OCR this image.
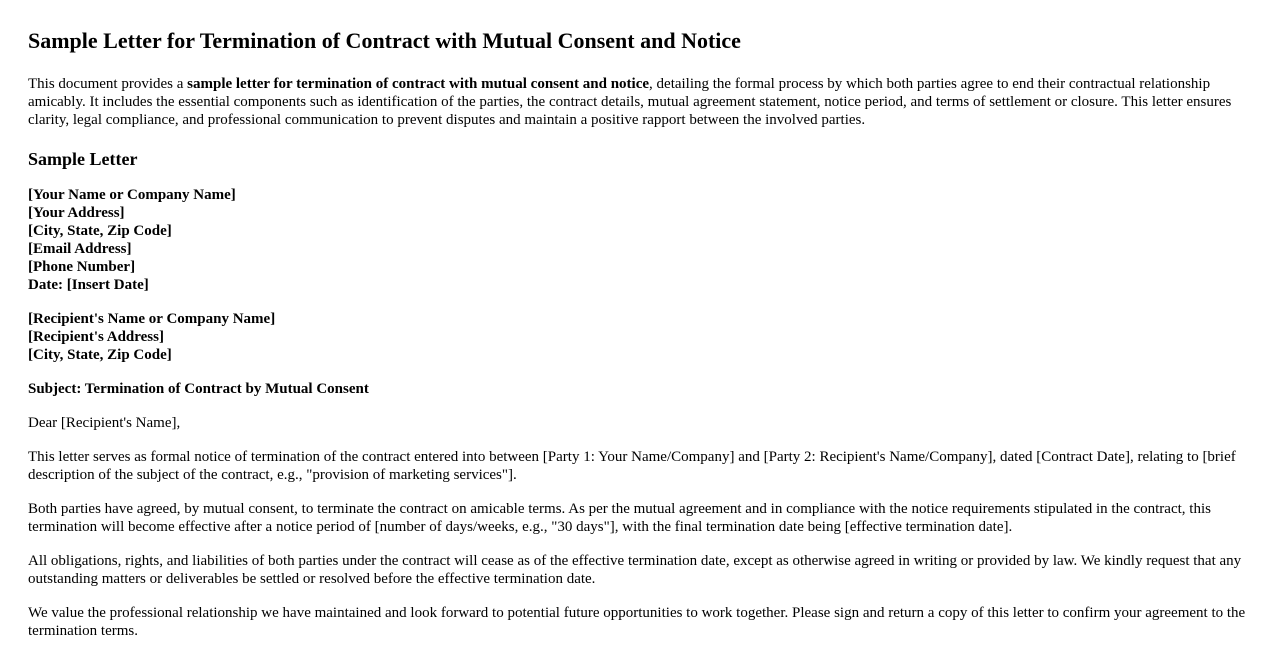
Sample Letter for Termination of Contract with Mutual Consent and Notice

This document provides a sample letter for termination of contract with mutual consent and notice, detailing the formal process by which both parties agree to end their contractual relationship amicably. It includes the essential components such as identification of the parties, the contract details, mutual agreement statement, notice period, and terms of settlement or closure. This letter ensures clarity, legal compliance, and professional communication to prevent disputes and maintain a positive rapport between the involved parties.

Sample Letter
[Your Name or Company Name]
[Your Address]
[City, State, Zip Code]
[Email Address]
[Phone Number]
Date: [Insert Date]
[Recipient's Name or Company Name]
[Recipient's Address]
[City, State, Zip Code]

Subject: Termination of Contract by Mutual Consent

Dear [Recipient's Name],

This letter serves as formal notice of termination of the contract entered into between [Party 1: Your Name/Company] and [Party 2: Recipient's Name/Company], dated [Contract Date], relating to [brief description of the subject of the contract, e.g., "provision of marketing services"].

Both parties have agreed, by mutual consent, to terminate the contract on amicable terms. As per the mutual agreement and in compliance with the notice requirements stipulated in the contract, this termination will become effective after a notice period of [number of days/weeks, e.g., "30 days"], with the final termination date being [effective termination date].

All obligations, rights, and liabilities of both parties under the contract will cease as of the effective termination date, except as otherwise agreed in writing or provided by law. We kindly request that any outstanding matters or deliverables be settled or resolved before the effective termination date.

We value the professional relationship we have maintained and look forward to potential future opportunities to work together. Please sign and return a copy of this letter to confirm your agreement to the termination terms.
